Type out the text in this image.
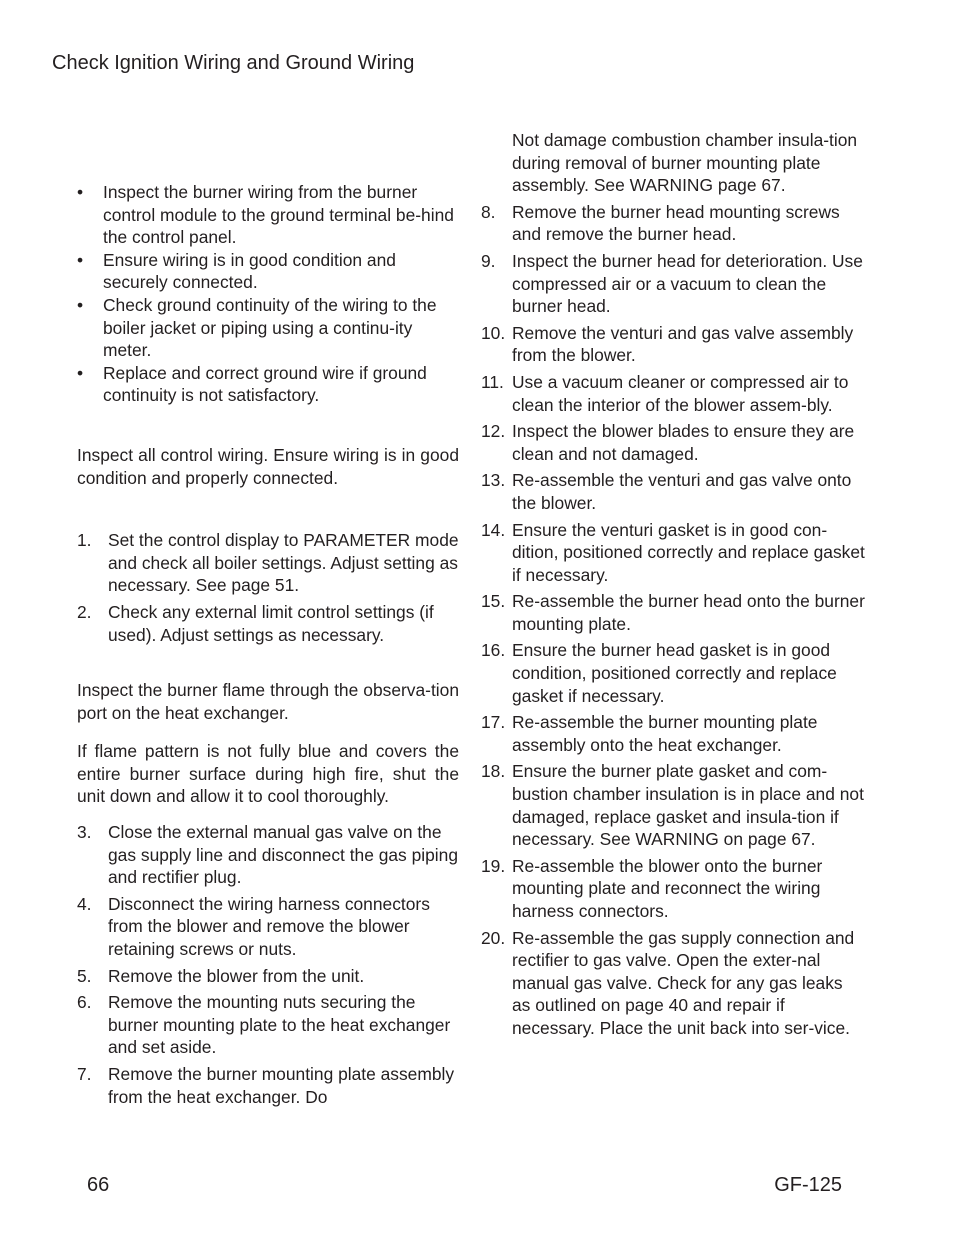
Check Ignition Wiring and Ground Wiring
• Inspect the burner wiring from the burner control module to the ground terminal be-hind the control panel.
• Ensure wiring is in good condition and securely connected.
• Check ground continuity of the wiring to the boiler jacket or piping using a continu-ity meter.
• Replace and correct ground wire if ground continuity is not satisfactory.
Inspect all control wiring. Ensure wiring is in good condition and properly connected.
1. Set the control display to PARAMETER mode and check all boiler settings. Adjust setting as necessary. See page 51.
2. Check any external limit control settings (if used). Adjust settings as necessary.
Inspect the burner flame through the observa-tion port on the heat exchanger.
If flame pattern is not fully blue and covers the entire burner surface during high fire, shut the unit down and allow it to cool thoroughly.
3. Close the external manual gas valve on the gas supply line and disconnect the gas piping and rectifier plug.
4. Disconnect the wiring harness connectors from the blower and remove the blower retaining screws or nuts.
5. Remove the blower from the unit.
6. Remove the mounting nuts securing the burner mounting plate to the heat exchanger and set aside.
7. Remove the burner mounting plate assembly from the heat exchanger. Do
Not damage combustion chamber insula-tion during removal of burner mounting plate assembly. See WARNING page 67.
8. Remove the burner head mounting screws and remove the burner head.
9. Inspect the burner head for deterioration. Use compressed air or a vacuum to clean the burner head.
10. Remove the venturi and gas valve assembly from the blower.
11. Use a vacuum cleaner or compressed air to clean the interior of the blower assem-bly.
12. Inspect the blower blades to ensure they are clean and not damaged.
13. Re-assemble the venturi and gas valve onto the blower.
14. Ensure the venturi gasket is in good con-dition, positioned correctly and replace gasket if necessary.
15. Re-assemble the burner head onto the burner mounting plate.
16. Ensure the burner head gasket is in good condition, positioned correctly and replace gasket if necessary.
17. Re-assemble the burner mounting plate assembly onto the heat exchanger.
18. Ensure the burner plate gasket and com-bustion chamber insulation is in place and not damaged, replace gasket and insula-tion if necessary. See WARNING on page 67.
19. Re-assemble the blower onto the burner mounting plate and reconnect the wiring harness connectors.
20. Re-assemble the gas supply connection and rectifier to gas valve. Open the exter-nal manual gas valve. Check for any gas leaks as outlined on page 40 and repair if necessary. Place the unit back into ser-vice.
66	GF-125
